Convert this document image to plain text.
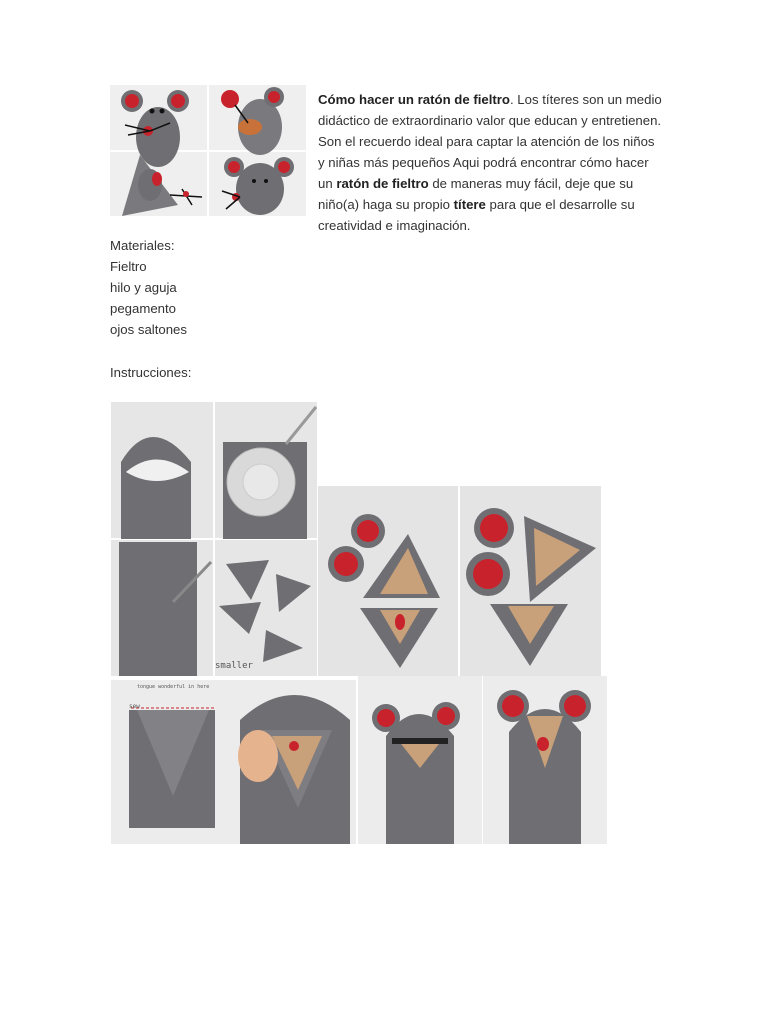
Cómo hacer un ratón de fieltro. Los títeres son un medio didáctico de extraordinario valor que educan y entretienen. Son el recuerdo ideal para captar la atención de los niños y niñas más pequeños Aqui podrá encontrar cómo hacer un ratón de fieltro de maneras muy fácil, deje que su niño(a) haga su propio títere para que el desarrolle su creatividad e imaginación.
Materiales:
Fieltro
hilo y aguja
pegamento
ojos saltones
Instrucciones:
smaller
tongue wonderful in here
sew
